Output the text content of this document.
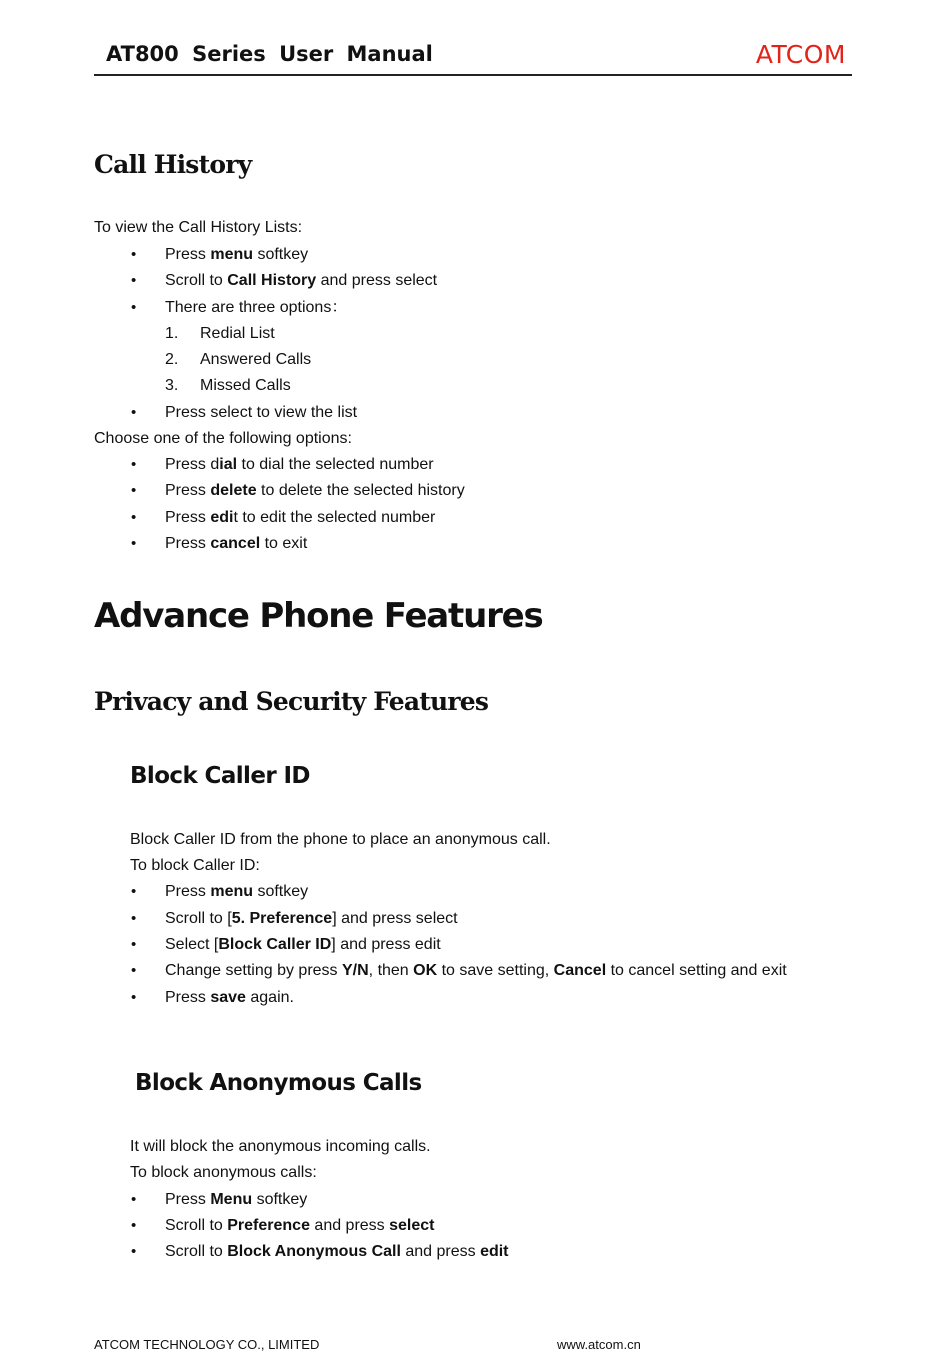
AT800 Series User Manual	ATCOM
Call History
To view the Call History Lists:
• Press menu softkey
• Scroll to Call History and press select
• There are three options：
1. Redial List
2. Answered Calls
3. Missed Calls
• Press select to view the list
Choose one of the following options:
• Press dial to dial the selected number
• Press delete to delete the selected history
• Press edit to edit the selected number
• Press cancel to exit
Advance Phone Features
Privacy and Security Features
Block Caller ID
Block Caller ID from the phone to place an anonymous call.
To block Caller ID:
• Press menu softkey
• Scroll to [5. Preference] and press select
• Select [Block Caller ID] and press edit
• Change setting by press Y/N, then OK to save setting, Cancel to cancel setting and exit
• Press save again.
Block Anonymous Calls
It will block the anonymous incoming calls.
To block anonymous calls:
• Press Menu softkey
• Scroll to Preference and press select
• Scroll to Block Anonymous Call and press edit
ATCOM TECHNOLOGY CO., LIMITED	www.atcom.cn
